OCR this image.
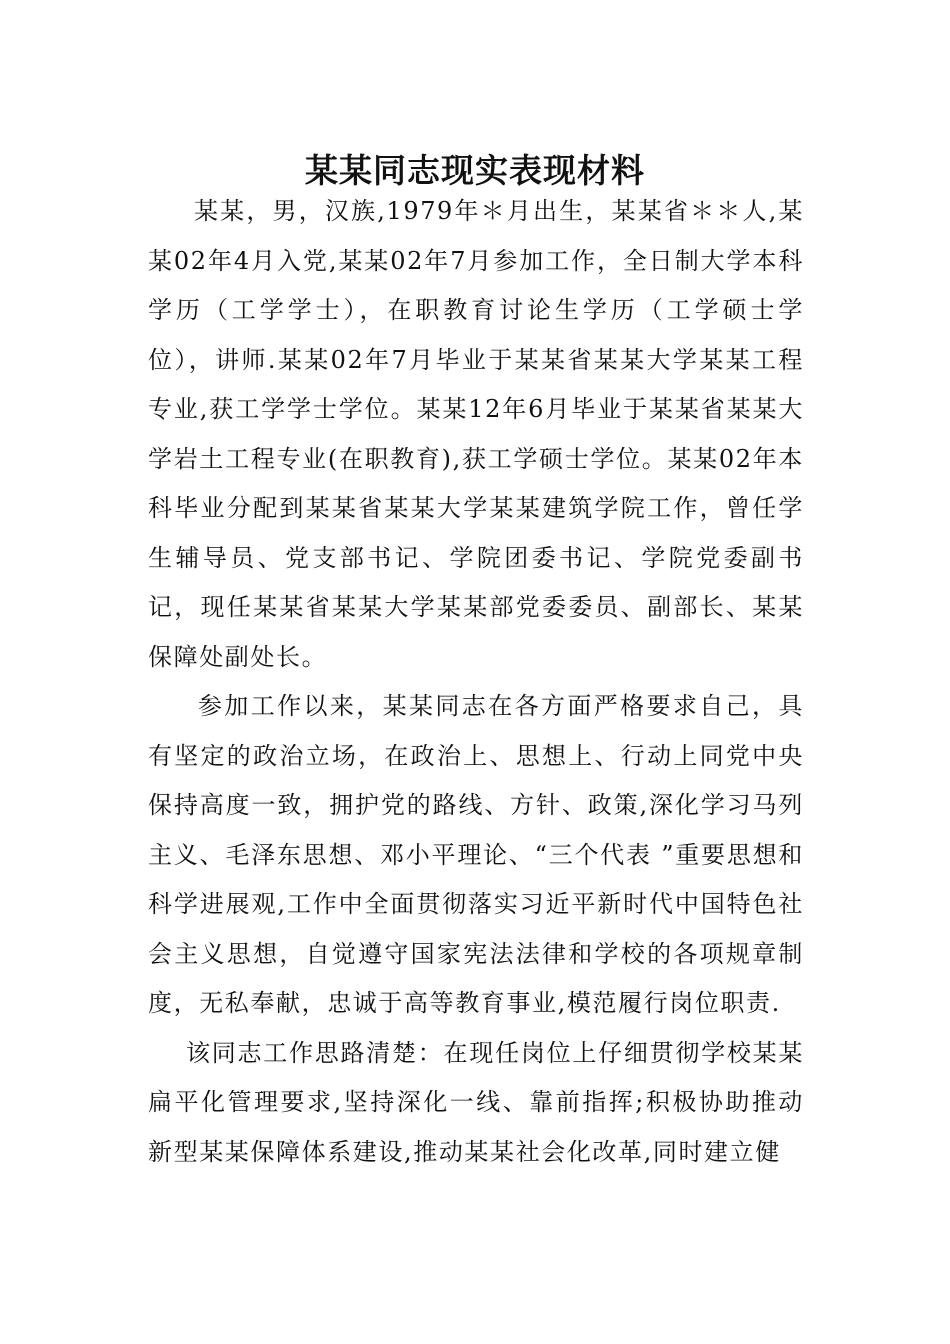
某某同志现实表现材料

某某，男，汉族,1979年＊月出生，某某省＊＊人,某某02年4月入党,某某02年7月参加工作，全日制大学本科学历（工学学士），在职教育讨论生学历（工学硕士学位），讲师.某某02年7月毕业于某某省某某大学某某工程专业,获工学学士学位。某某12年6月毕业于某某省某某大学岩土工程专业(在职教育),获工学硕士学位。某某02年本科毕业分配到某某省某某大学某某建筑学院工作，曾任学生辅导员、党支部书记、学院团委书记、学院党委副书记，现任某某省某某大学某某部党委委员、副部长、某某保障处副处长。

参加工作以来，某某同志在各方面严格要求自己，具有坚定的政治立场，在政治上、思想上、行动上同党中央保持高度一致，拥护党的路线、方针、政策,深化学习马列主义、毛泽东思想、邓小平理论、“三个代表 ”重要思想和科学进展观,工作中全面贯彻落实习近平新时代中国特色社会主义思想，自觉遵守国家宪法法律和学校的各项规章制度，无私奉献，忠诚于高等教育事业,模范履行岗位职责.

该同志工作思路清楚：在现任岗位上仔细贯彻学校某某扁平化管理要求,坚持深化一线、靠前指挥;积极协助推动新型某某保障体系建设,推动某某社会化改革,同时建立健
